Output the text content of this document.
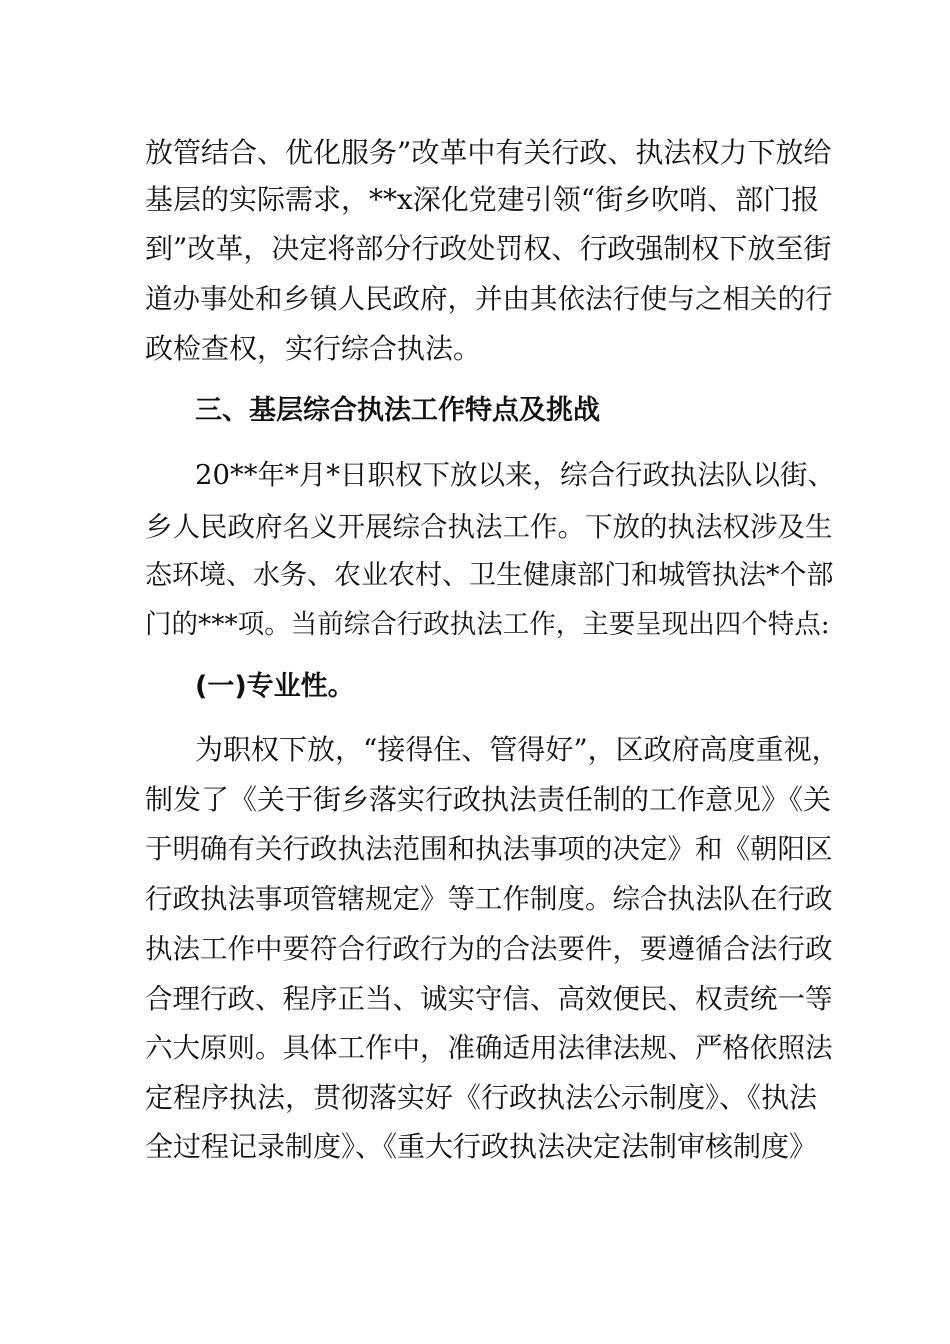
放管结合、优化服务”改革中有关行政、执法权力下放给
基层的实际需求，**x深化党建引领“街乡吹哨、部门报
到”改革，决定将部分行政处罚权、行政强制权下放至街
道办事处和乡镇人民政府，并由其依法行使与之相关的行
政检查权，实行综合执法。
三、基层综合执法工作特点及挑战
20**年*月*日职权下放以来，综合行政执法队以街、
乡人民政府名义开展综合执法工作。下放的执法权涉及生
态环境、水务、农业农村、卫生健康部门和城管执法*个部
门的***项。当前综合行政执法工作，主要呈现出四个特点:
(一)专业性。
为职权下放，“接得住、管得好”，区政府高度重视，
制发了《关于街乡落实行政执法责任制的工作意见》《关
于明确有关行政执法范围和执法事项的决定》和《朝阳区
行政执法事项管辖规定》等工作制度。综合执法队在行政
执法工作中要符合行政行为的合法要件，要遵循合法行政
合理行政、程序正当、诚实守信、高效便民、权责统一等
六大原则。具体工作中，准确适用法律法规、严格依照法
定程序执法，贯彻落实好《行政执法公示制度》、《执法
全过程记录制度》、《重大行政执法决定法制审核制度》
